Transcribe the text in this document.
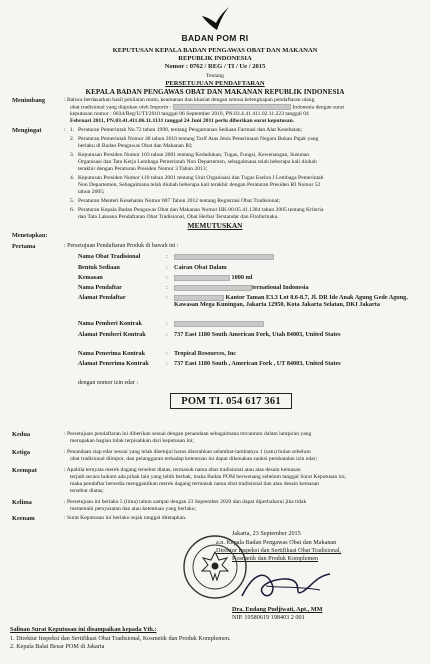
BADAN POM RI
KEPUTUSAN KEPALA BADAN PENGAWAS OBAT DAN MAKANAN
REPUBLIK INDONESIA
Nomor : 0762 / REG / TI / Ue / 2015
Tentang
PERSETUJUAN PENDAFTARAN
KEPALA BADAN PENGAWAS OBAT DAN MAKANAN REPUBLIK INDONESIA
Menimbang	: Bahwa berdasarkan hasil penilaian mutu, keamanan dan khasiat dengan semua kelengkapan pendaftaran ulang
obat tradisional yang diajukan oleh Importir :	Indonesia dengan surat
keputusan nomor : 0034/Reg/U/TI/2010 tanggal 06 September 2010, PN.03.4.41.411.02.11.223 tanggal 04
Februari 2011, PN.03.41.411.06.11.1131 tanggal 24 Juni 2011 perlu diberikan surat keputusan.
Mengingat	: 1. Peraturan Pemerintah No.72 tahun 1998, tentang Pengamanan Sediaan Farmasi dan Alat Kesehatan;
2. Peraturan Pemerintah Nomor 48 tahun 2010 tentang Tarif Atas Jenis Penerimaan Negara Bukan Pajak yang
berlaku di Badan Pengawas Obat dan Makanan RI;
3. Keputusan Presiden Nomor 103 tahun 2001 tentang Kedudukan, Tugas, Fungsi, Kewenangan, Susunan
Organisasi dan Tata Kerja Lembaga Pemerintah Non Departemen, sebagaimana telah beberapa kali diubah
terakhir dengan Peraturan Presiden Nomor 3 Tahun 2013;
4. Keputusan Presiden Nomor 110 tahun 2001 tentang Unit Organisasi dan Tugas Eselon I Lembaga Pemerintah
Non Departemen, Sebagaimana telah diubah beberapa kali terakhir dengan Peraturan Presiden RI Nomor 52
tahun 2005;
5. Peraturan Menteri Kesehatan Nomor 007 Tahun 2012 tentang Registrasi Obat Tradisional;
6. Peraturan Kepala Badan Pengawas Obat dan Makanan Nomor HK.00.05.41.1384 tahun 2005 tentang Kriteria
dan Tata Laksana Pendaftaran Obat Tradisional, Obat Herbal Terstandar dan Fitofarmaka.
MEMUTUSKAN
Menetapkan:
Pertama	: Persetujuan Pendaftaran Produk di bawah ini :
Nama Obat Tradisional	:
Bentuk Sediaan	: Cairan Obat Dalam
Kemasan	:	1000 ml
Nama Pendaftar	:	ternational Indonesia
Alamat Pendaftar	:	Kantor Taman E3.3 Lot 8.6-8.7, Jl. DR Ide Anak Agung Gede Agung, Kawasan Mega Kuningan, Jakarta 12950, Kota Jakarta Selatan, DKI Jakarta
Nama Pemberi Kontrak	:
Alamat Pemberi Kontrak	: 737 East 1180 South American Fork, Utah 84003, United States
Nama Penerima Kontrak	: Tropical Resources, Inc
Alamat Penerima Kontrak	: 737 East 1180 South , American Fork , UT 84003, United States
dengan nomor izin edar :
POM TI. 054 617 361
Kedua	: Persetujuan pendaftaran ini diberikan sesuai dengan penandaan sebagaimana tercantum dalam lampiran yang
merupakan bagian tidak terpisahkan dari keputusan ini;
Ketiga	: Penandaan siap edar sesuai yang telah disetujui harus diserahkan selambat-lambatnya 1 (satu) bulan sebelum
obat tradisional diimpor, dan pelanggaran terhadap ketentuan ini dapat dikenakan sanksi pembatalan izin edar;
Keempat	: Apabila ternyata merek dagang tersebut diatas, termasuk nama obat tradisional atau atas desain kemasan
terjadi secara hukum ada pihak lain yang lebih berhak, maka Badan POM berwenang sebelum tanggal Surat Keputusan ini,
maka pendaftar bersedia menggantikan merek dagang termasuk nama obat tradisional dan atau desain kemasan
tersebut diatas;
Kelima	: Persetujuan ini berlaku 5 (lima) tahun sampai dengan 23 September 2020 dan dapat diperbaharui jika tidak
memenuhi persyaratan dan atau ketentuan yang berlaku;
Keenam	: Surat Keputusan ini berlaku sejak tanggal ditetapkan.
Jakarta, 23 September 2015
a.n. Kepala Badan Pengawas Obat dan Makanan
Direktur Inspeksi dan Sertifikasi Obat Tradisional,
Kosmetik dan Produk Komplemen
Dra. Endang Pudjiwati, Apt., MM
NIP. 19580619 198403 2 001
Salinan Surat Keputusan ini disampaikan kepada Yth.:
1. Direktur Inspeksi dan Sertifikasi Obat Tradisional, Kosmetik dan Produk Komplemen.
2. Kepala Balai Besar POM di Jakarta
